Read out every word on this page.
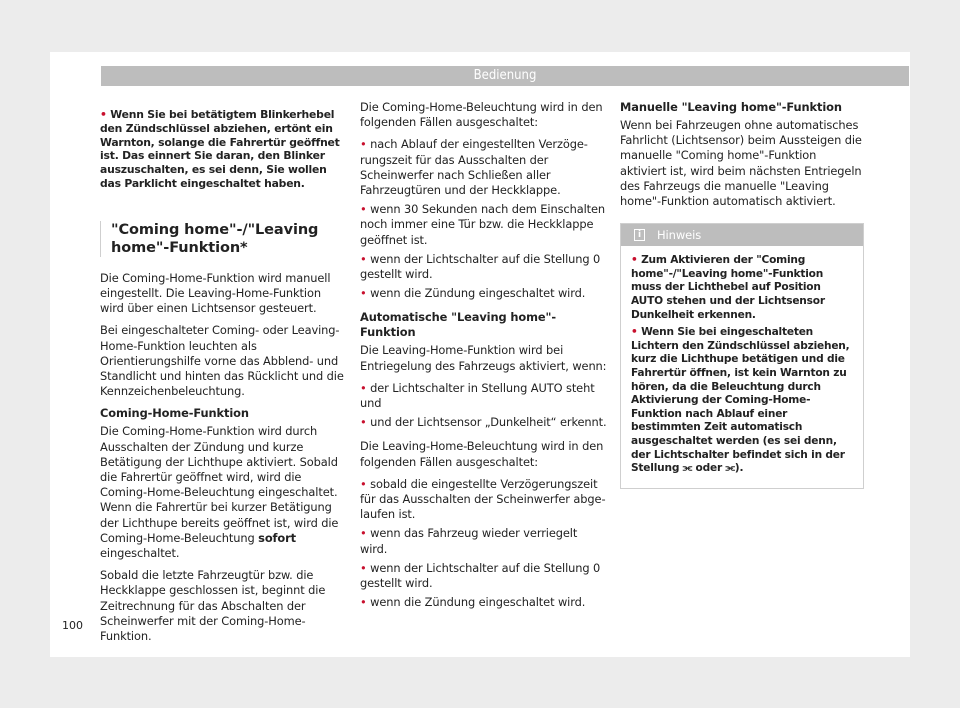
Bedienung
• Wenn Sie bei betätigtem Blinkerhebel den Zündschlüssel abziehen, ertönt ein Warnton, solange die Fahrertür geöffnet ist. Das einnert Sie daran, den Blinker auszuschalten, es sei denn, Sie wollen das Parklicht eingeschaltet haben.
"Coming home"-/"Leaving home"-Funktion*

Die Coming-Home-Funktion wird manuell eingestellt. Die Leaving-Home-Funktion wird über einen Lichtsensor gesteuert.

Bei eingeschalteter Coming- oder Leaving-Home-Funktion leuchten als Orientierungshilfe vorne das Abblend- und Standlicht und hinten das Rücklicht und die Kennzeichenbeleuchtung.

Coming-Home-Funktion

Die Coming-Home-Funktion wird durch Ausschalten der Zündung und kurze Betätigung der Lichthupe aktiviert. Sobald die Fahrertür geöffnet wird, wird die Coming-Home-Beleuchtung eingeschaltet. Wenn die Fahrertür bei kurzer Betätigung der Lichthupe bereits geöffnet ist, wird die Coming-Home-Beleuchtung sofort eingeschaltet.

Sobald die letzte Fahrzeugtür bzw. die Heckklappe geschlossen ist, beginnt die Zeitrechnung für das Abschalten der Scheinwerfer mit der Coming-Home-Funktion.

Die Coming-Home-Beleuchtung wird in den folgenden Fällen ausgeschaltet:

• nach Ablauf der eingestellten Verzögerungszeit für das Ausschalten der Scheinwerfer nach Schließen aller Fahrzeugtüren und der Heckklappe.
• wenn 30 Sekunden nach dem Einschalten noch immer eine Tür bzw. die Heckklappe geöffnet ist.
• wenn der Lichtschalter auf die Stellung 0 gestellt wird.
• wenn die Zündung eingeschaltet wird.
Automatische "Leaving home"-Funktion

Die Leaving-Home-Funktion wird bei Entriegelung des Fahrzeugs aktiviert, wenn:

• der Lichtschalter in Stellung AUTO steht und
• und der Lichtsensor „Dunkelheit“ erkennt.

Die Leaving-Home-Beleuchtung wird in den folgenden Fällen ausgeschaltet:

• sobald die eingestellte Verzögerungszeit für das Ausschalten der Scheinwerfer abgelaufen ist.
• wenn das Fahrzeug wieder verriegelt wird.
• wenn der Lichtschalter auf die Stellung 0 gestellt wird.
• wenn die Zündung eingeschaltet wird.
Manuelle "Leaving home"-Funktion

Wenn bei Fahrzeugen ohne automatisches Fahrlicht (Lichtsensor) beim Aussteigen die manuelle "Coming home"-Funktion aktiviert ist, wird beim nächsten Entriegeln des Fahrzeugs die manuelle "Leaving home"-Funktion automatisch aktiviert.

i	Hinweis
• Zum Aktivieren der "Coming home"-/"Leaving home"-Funktion muss der Lichthebel auf Position AUTO stehen und der Lichtsensor Dunkelheit erkennen.
• Wenn Sie bei eingeschalteten Lichtern den Zündschlüssel abziehen, kurz die Lichthupe betätigen und die Fahrertür öffnen, ist kein Warnton zu hören, da die Beleuchtung durch Aktivierung der Coming-Home-Funktion nach Ablauf einer bestimmten Zeit automatisch ausgeschaltet werden (es sei denn, der Lichtschalter befindet sich in der Stellung ⫘ oder ⫘).
100
